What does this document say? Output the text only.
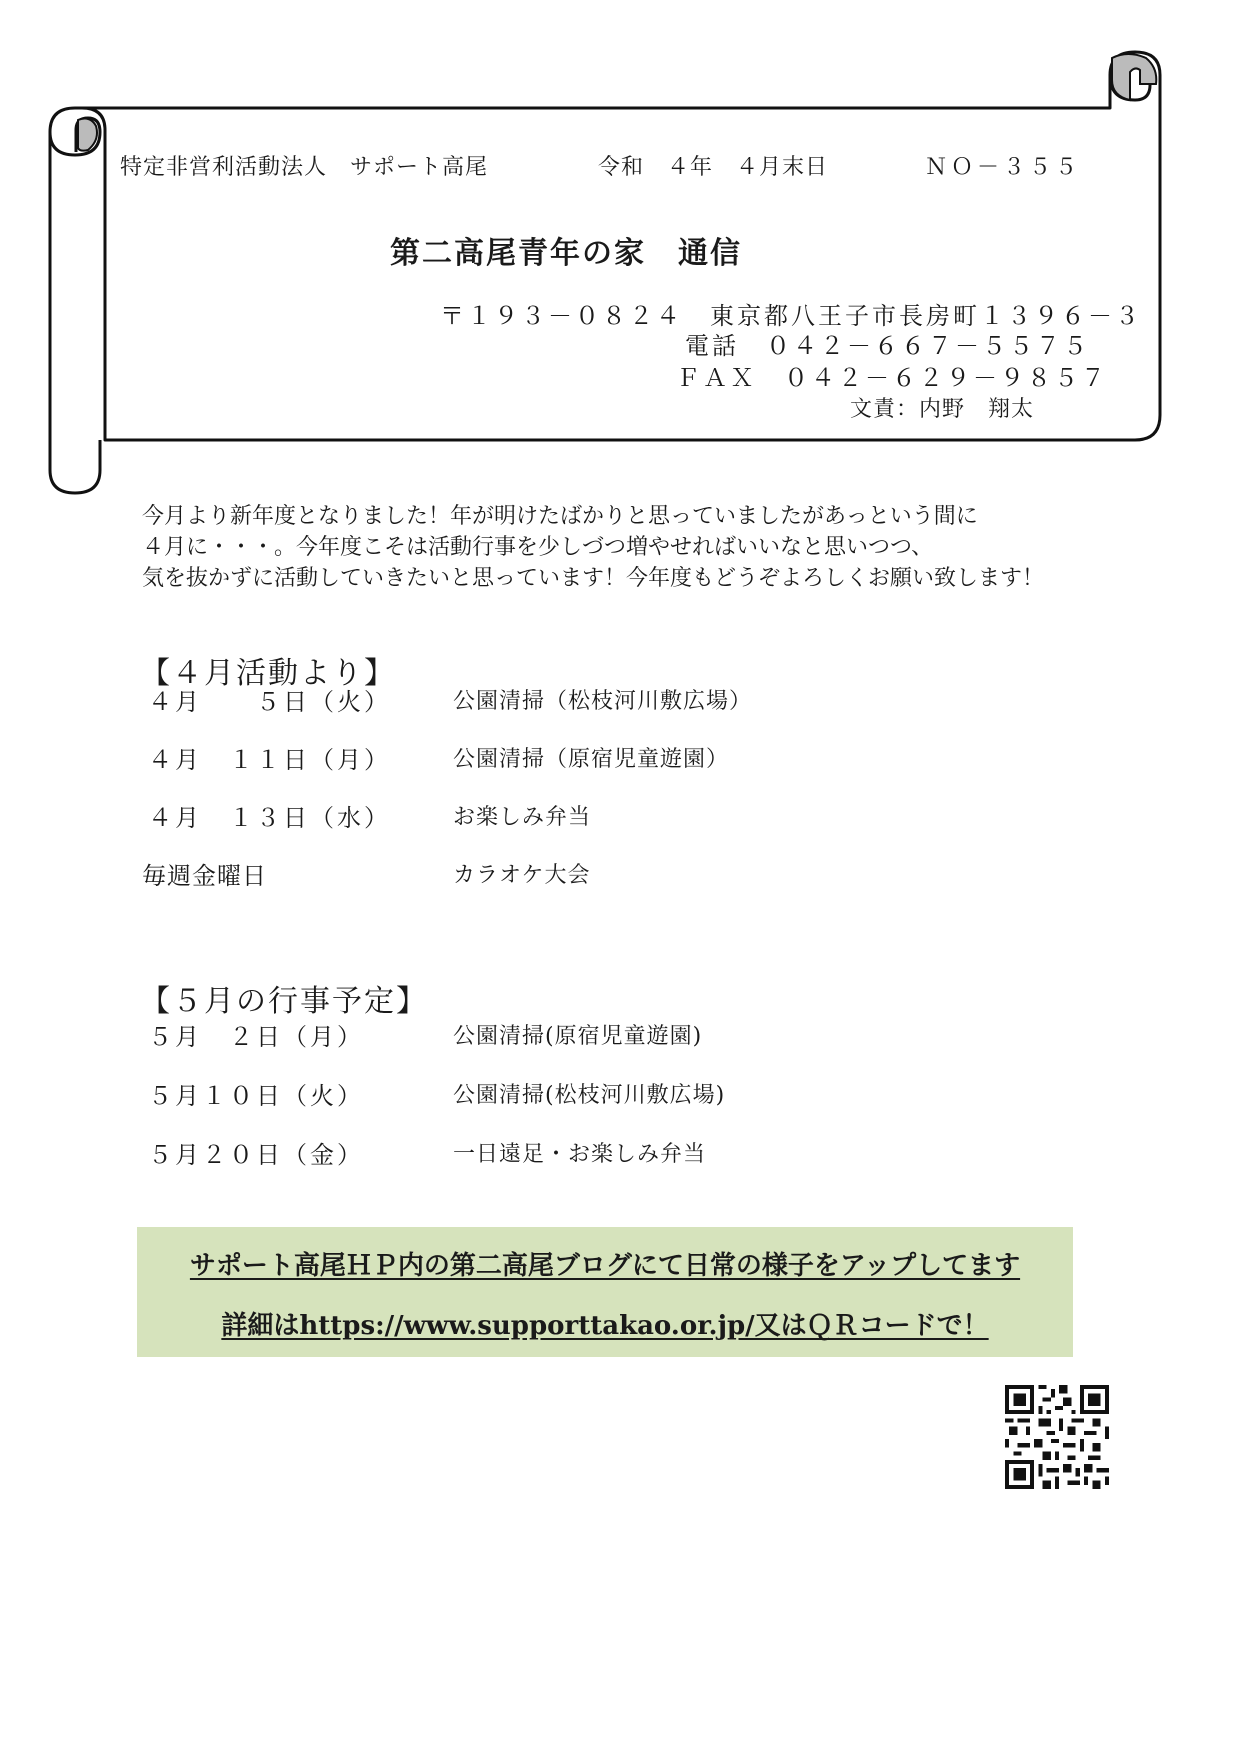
特定非営利活動法人　サポート高尾	令和　４年　４月末日	ＮＯ－３５５
第二高尾青年の家　通信
〒１９３－０８２４　東京都八王子市長房町１３９６－３
電話　０４２－６６７－５５７５
ＦＡＸ　０４２－６２９－９８５７
文責：内野　翔太
今月より新年度となりました！年が明けたばかりと思っていましたがあっという間に
４月に・・・。今年度こそは活動行事を少しづつ増やせればいいなと思いつつ、
気を抜かずに活動していきたいと思っています！今年度もどうぞよろしくお願い致します！
【４月活動より】
４月　　５日（火）	公園清掃（松枝河川敷広場）
４月　１１日（月）	公園清掃（原宿児童遊園）
４月　１３日（水）	お楽しみ弁当
毎週金曜日	カラオケ大会
【５月の行事予定】
５月　２日（月）	公園清掃(原宿児童遊園)
５月１０日（火）	公園清掃(松枝河川敷広場)
５月２０日（金）	一日遠足・お楽しみ弁当
サポート高尾ＨＰ内の第二高尾ブログにて日常の様子をアップしてます
詳細はhttps://www.supporttakao.or.jp/又はＱＲコードで！
